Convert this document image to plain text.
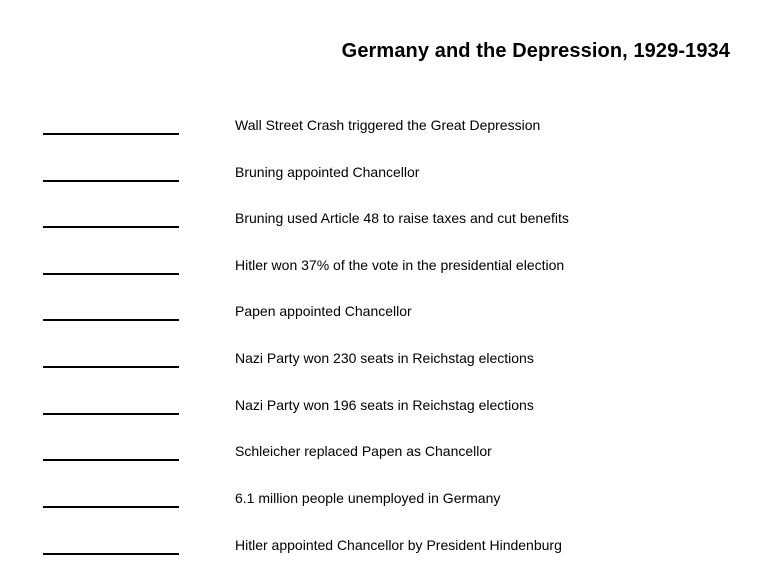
Germany and the Depression, 1929-1934
Wall Street Crash triggered the Great Depression
Bruning appointed Chancellor
Bruning used Article 48 to raise taxes and cut benefits
Hitler won 37% of the vote in the presidential election
Papen appointed Chancellor
Nazi Party won 230 seats in Reichstag elections
Nazi Party won 196 seats in Reichstag elections
Schleicher replaced Papen as Chancellor
6.1 million people unemployed in Germany
Hitler appointed Chancellor by President Hindenburg
